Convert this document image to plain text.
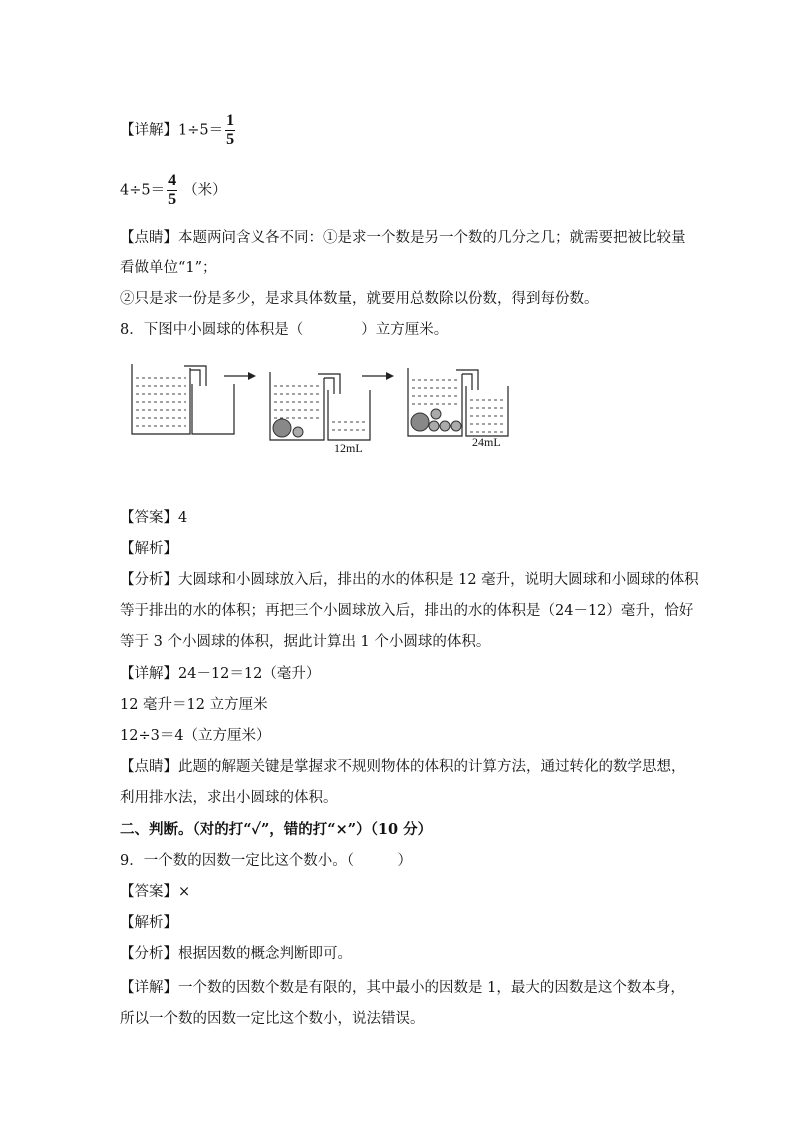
【详解】$1\div 5= \frac{1}{5}$
$4\div 5= \frac{4}{5}$ （米）
【点睛】本题两问含义各不同：①是求一个数是另一个数的几分之几；就需要把被比较量
看做单位“1”；
②只是求一份是多少，是求具体数量，就要用总数除以份数，得到每份数。
8．下图中小圆球的体积是（　　　　）立方厘米。
12mL	24mL
【答案】4
【解析】
【分析】大圆球和小圆球放入后，排出的水的体积是 12 毫升，说明大圆球和小圆球的体积
等于排出的水的体积；再把三个小圆球放入后，排出的水的体积是（24－12）毫升，恰好
等于 3 个小圆球的体积，据此计算出 1 个小圆球的体积。
【详解】24－12＝12（毫升）
12 毫升＝12 立方厘米
12÷3＝4（立方厘米）
【点睛】此题的解题关键是掌握求不规则物体的体积的计算方法，通过转化的数学思想，
利用排水法，求出小圆球的体积。
二、判断。（对的打“✓”，错的打“×”）（10 分）
9．一个数的因数一定比这个数小。（　　　）
【答案】×
【解析】
【分析】根据因数的概念判断即可。
【详解】一个数的因数个数是有限的，其中最小的因数是 1，最大的因数是这个数本身，
所以一个数的因数一定比这个数小，说法错误。
